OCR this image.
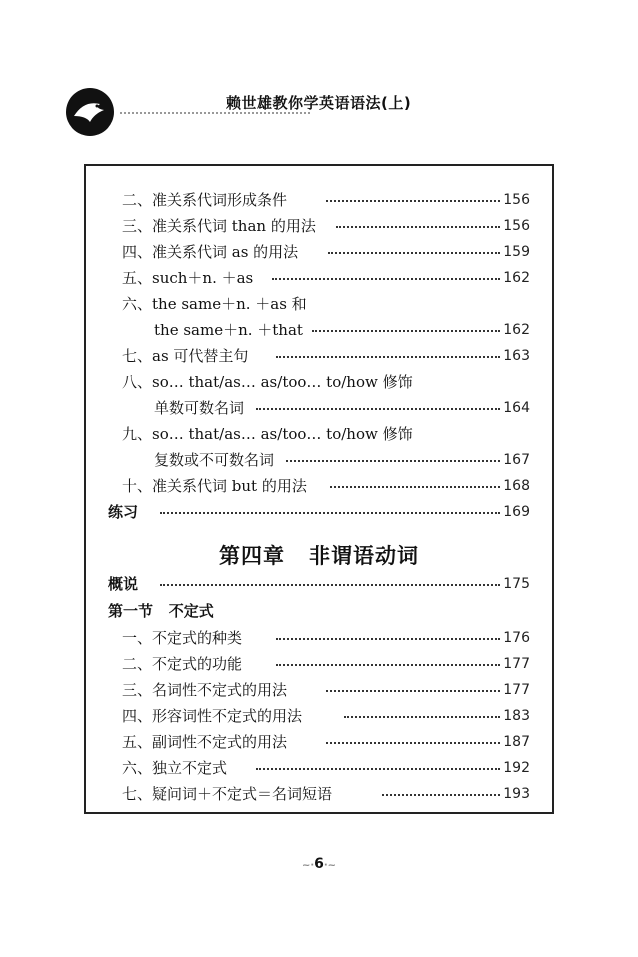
赖世雄教你学英语语法(上)
二、准关系代词形成条件	156
三、准关系代词 than 的用法	156
四、准关系代词 as 的用法	159
五、such＋n. ＋as	162
六、the same＋n. ＋as 和
the same＋n. ＋that	162
七、as 可代替主句	163
八、so… that/as… as/too… to/how 修饰
单数可数名词	164
九、so… that/as… as/too… to/how 修饰
复数或不可数名词	167
十、准关系代词 but 的用法	168
练习	169
第四章 非谓语动词
概说	175
第一节 不定式
一、不定式的种类	176
二、不定式的功能	177
三、名词性不定式的用法	177
四、形容词性不定式的用法	183
五、副词性不定式的用法	187
六、独立不定式	192
七、疑问词＋不定式＝名词短语	193
~·6·~
